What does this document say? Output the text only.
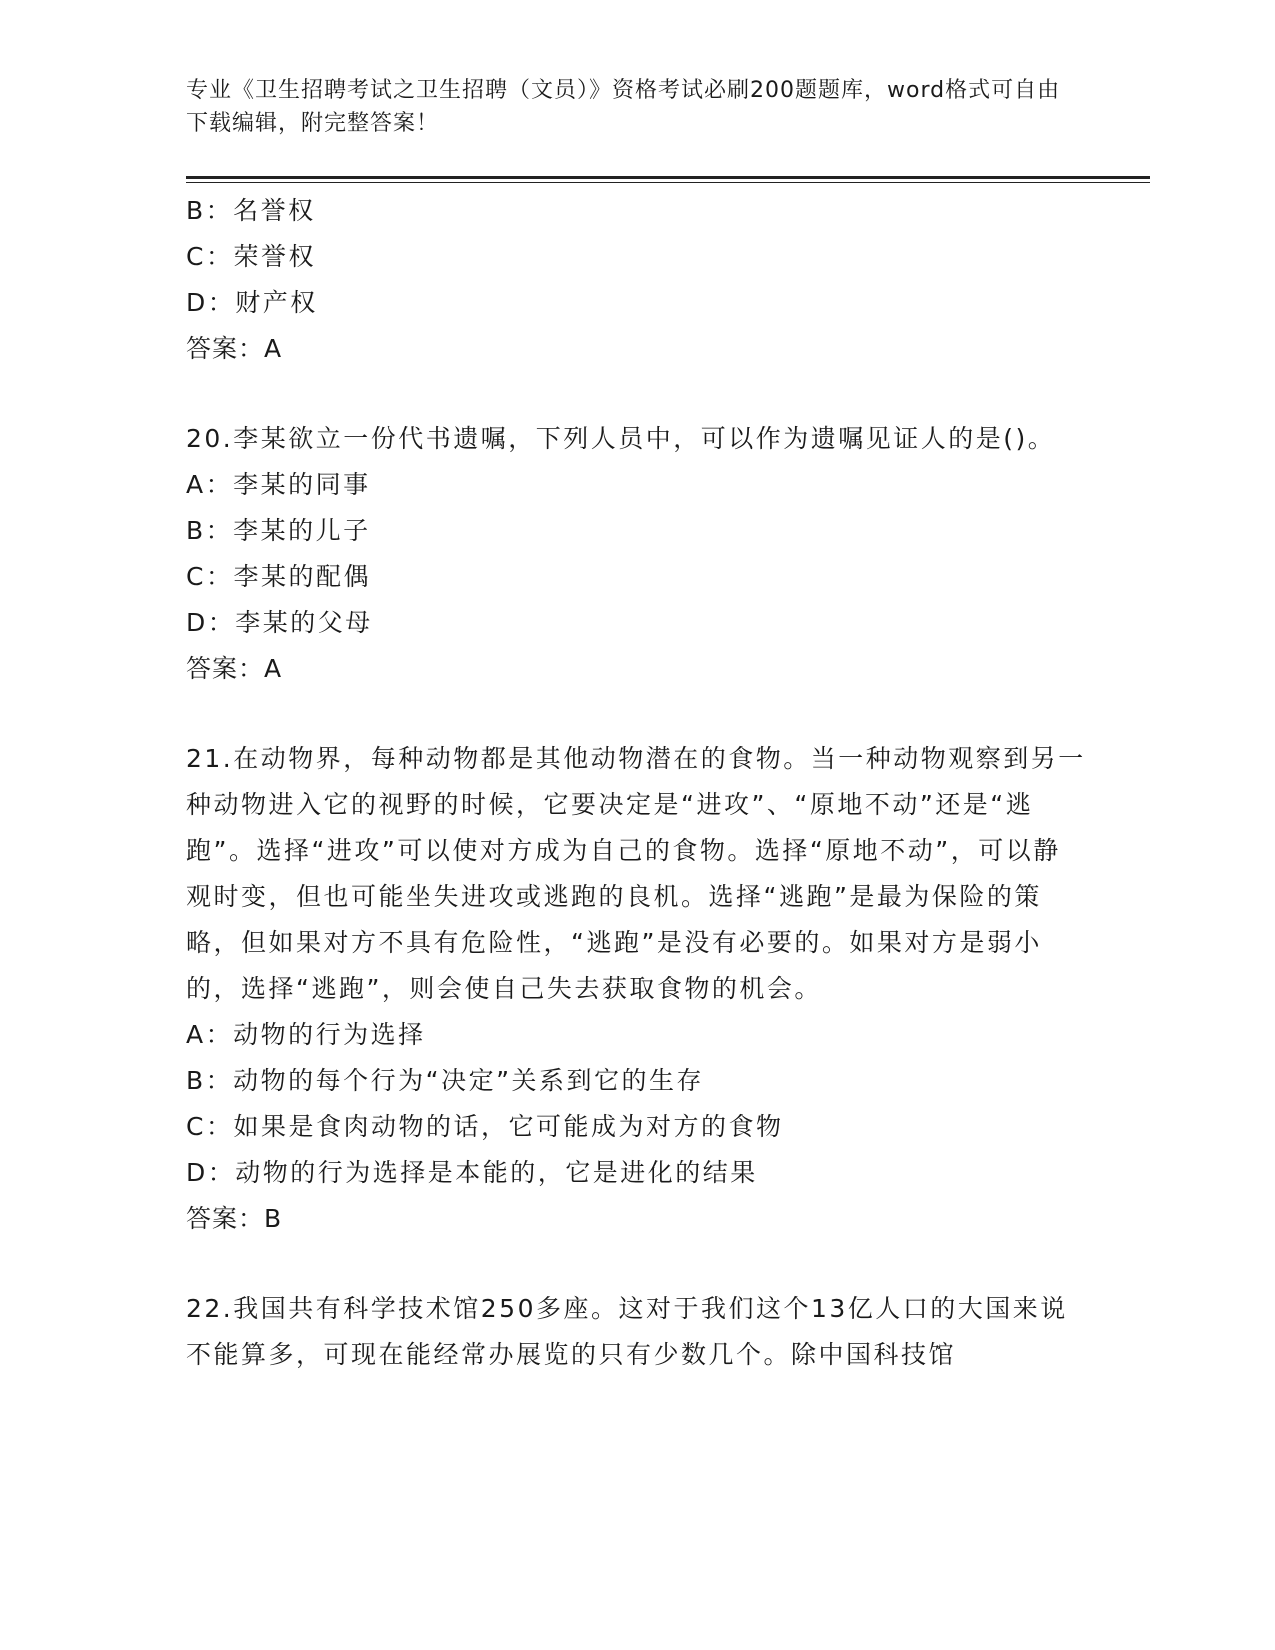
专业《卫生招聘考试之卫生招聘（文员）》资格考试必刷200题题库，word格式可自由下载编辑，附完整答案！
B：名誉权
C：荣誉权
D：财产权
答案：A
20.李某欲立一份代书遗嘱，下列人员中，可以作为遗嘱见证人的是()。
A：李某的同事
B：李某的儿子
C：李某的配偶
D：李某的父母
答案：A
21.在动物界，每种动物都是其他动物潜在的食物。当一种动物观察到另一种动物进入它的视野的时候，它要决定是“进攻”、“原地不动”还是“逃跑”。选择“进攻”可以使对方成为自己的食物。选择“原地不动”，可以静观时变，但也可能坐失进攻或逃跑的良机。选择“逃跑”是最为保险的策略，但如果对方不具有危险性，“逃跑”是没有必要的。如果对方是弱小的，选择“逃跑”，则会使自己失去获取食物的机会。
A：动物的行为选择
B：动物的每个行为“决定”关系到它的生存
C：如果是食肉动物的话，它可能成为对方的食物
D：动物的行为选择是本能的，它是进化的结果
答案：B
22.我国共有科学技术馆250多座。这对于我们这个13亿人口的大国来说不能算多，可现在能经常办展览的只有少数几个。除中国科技馆
